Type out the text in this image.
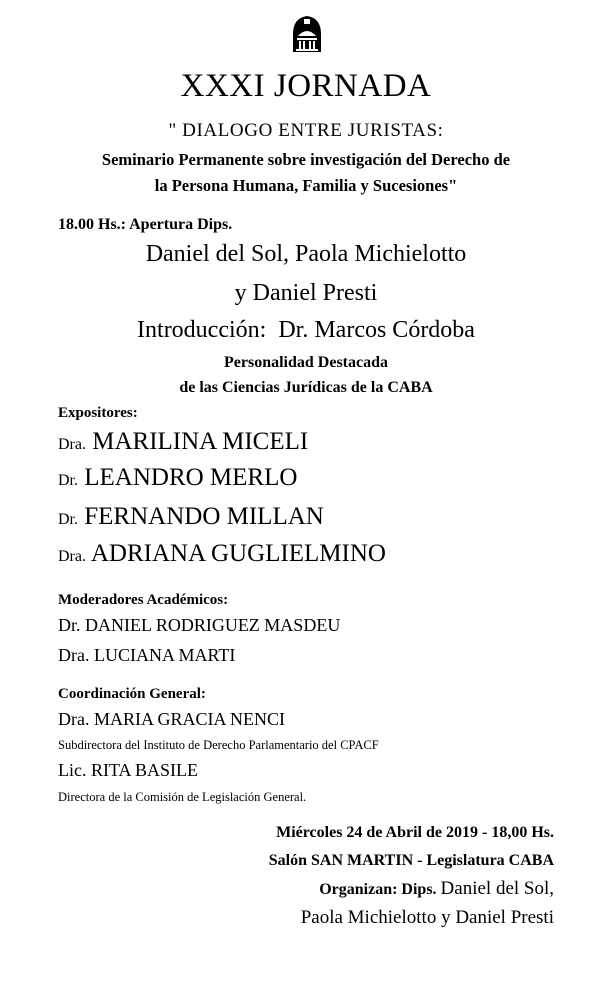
XXXI JORNADA
" DIALOGO ENTRE JURISTAS:
Seminario Permanente sobre investigación del Derecho de
la Persona Humana, Familia y Sucesiones"
18.00 Hs.: Apertura Dips.
Daniel del Sol, Paola Michielotto
y Daniel Presti
Introducción: Dr. Marcos Córdoba
Personalidad Destacada
de las Ciencias Jurídicas de la CABA
Expositores:
Dra. MARILINA MICELI
Dr. LEANDRO MERLO
Dr. FERNANDO MILLAN
Dra. ADRIANA GUGLIELMINO
Moderadores Académicos:
Dr. DANIEL RODRIGUEZ MASDEU
Dra. LUCIANA MARTI
Coordinación General:
Dra. MARIA GRACIA NENCI
Subdirectora del Instituto de Derecho Parlamentario del CPACF
Lic. RITA BASILE
Directora de la Comisión de Legislación General.
Miércoles 24 de Abril de 2019 - 18,00 Hs.
Salón SAN MARTIN - Legislatura CABA
Organizan: Dips. Daniel del Sol,
Paola Michielotto y Daniel Presti
